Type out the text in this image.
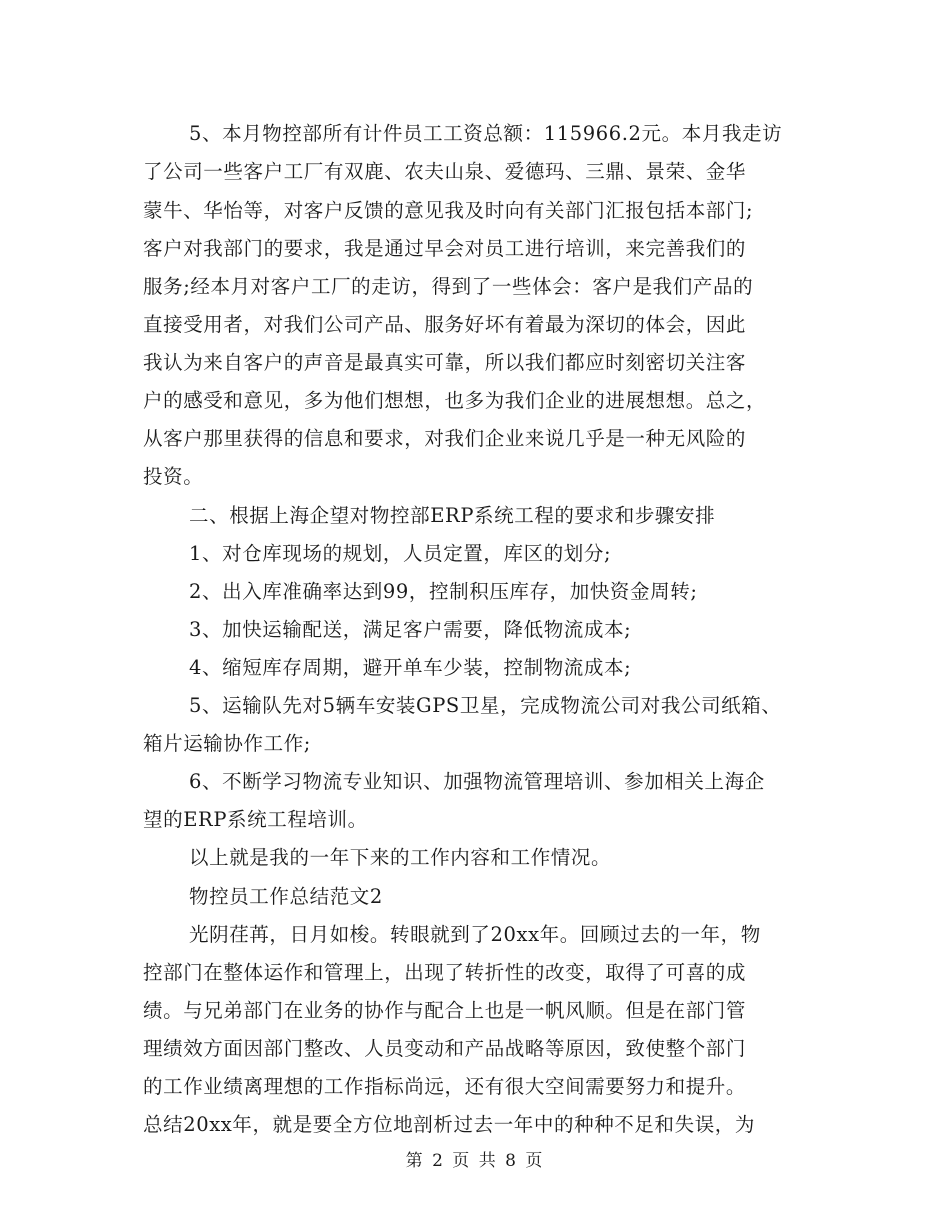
5、本月物控部所有计件员工工资总额：115966.2元。本月我走访
了公司一些客户工厂有双鹿、农夫山泉、爱德玛、三鼎、景荣、金华
蒙牛、华怡等，对客户反馈的意见我及时向有关部门汇报包括本部门;
客户对我部门的要求，我是通过早会对员工进行培训，来完善我们的
服务;经本月对客户工厂的走访，得到了一些体会：客户是我们产品的
直接受用者，对我们公司产品、服务好坏有着最为深切的体会，因此
我认为来自客户的声音是最真实可靠，所以我们都应时刻密切关注客
户的感受和意见，多为他们想想，也多为我们企业的进展想想。总之，
从客户那里获得的信息和要求，对我们企业来说几乎是一种无风险的
投资。
二、根据上海企望对物控部ERP系统工程的要求和步骤安排
1、对仓库现场的规划，人员定置，库区的划分;
2、出入库准确率达到99，控制积压库存，加快资金周转;
3、加快运输配送，满足客户需要，降低物流成本;
4、缩短库存周期，避开单车少装，控制物流成本;
5、运输队先对5辆车安装GPS卫星，完成物流公司对我公司纸箱、
箱片运输协作工作;
6、不断学习物流专业知识、加强物流管理培训、参加相关上海企
望的ERP系统工程培训。
以上就是我的一年下来的工作内容和工作情况。
物控员工作总结范文2
光阴荏苒，日月如梭。转眼就到了20xx年。回顾过去的一年，物
控部门在整体运作和管理上，出现了转折性的改变，取得了可喜的成
绩。与兄弟部门在业务的协作与配合上也是一帆风顺。但是在部门管
理绩效方面因部门整改、人员变动和产品战略等原因，致使整个部门
的工作业绩离理想的工作指标尚远，还有很大空间需要努力和提升。
总结20xx年，就是要全方位地剖析过去一年中的种种不足和失误，为
第 2 页 共 8 页
